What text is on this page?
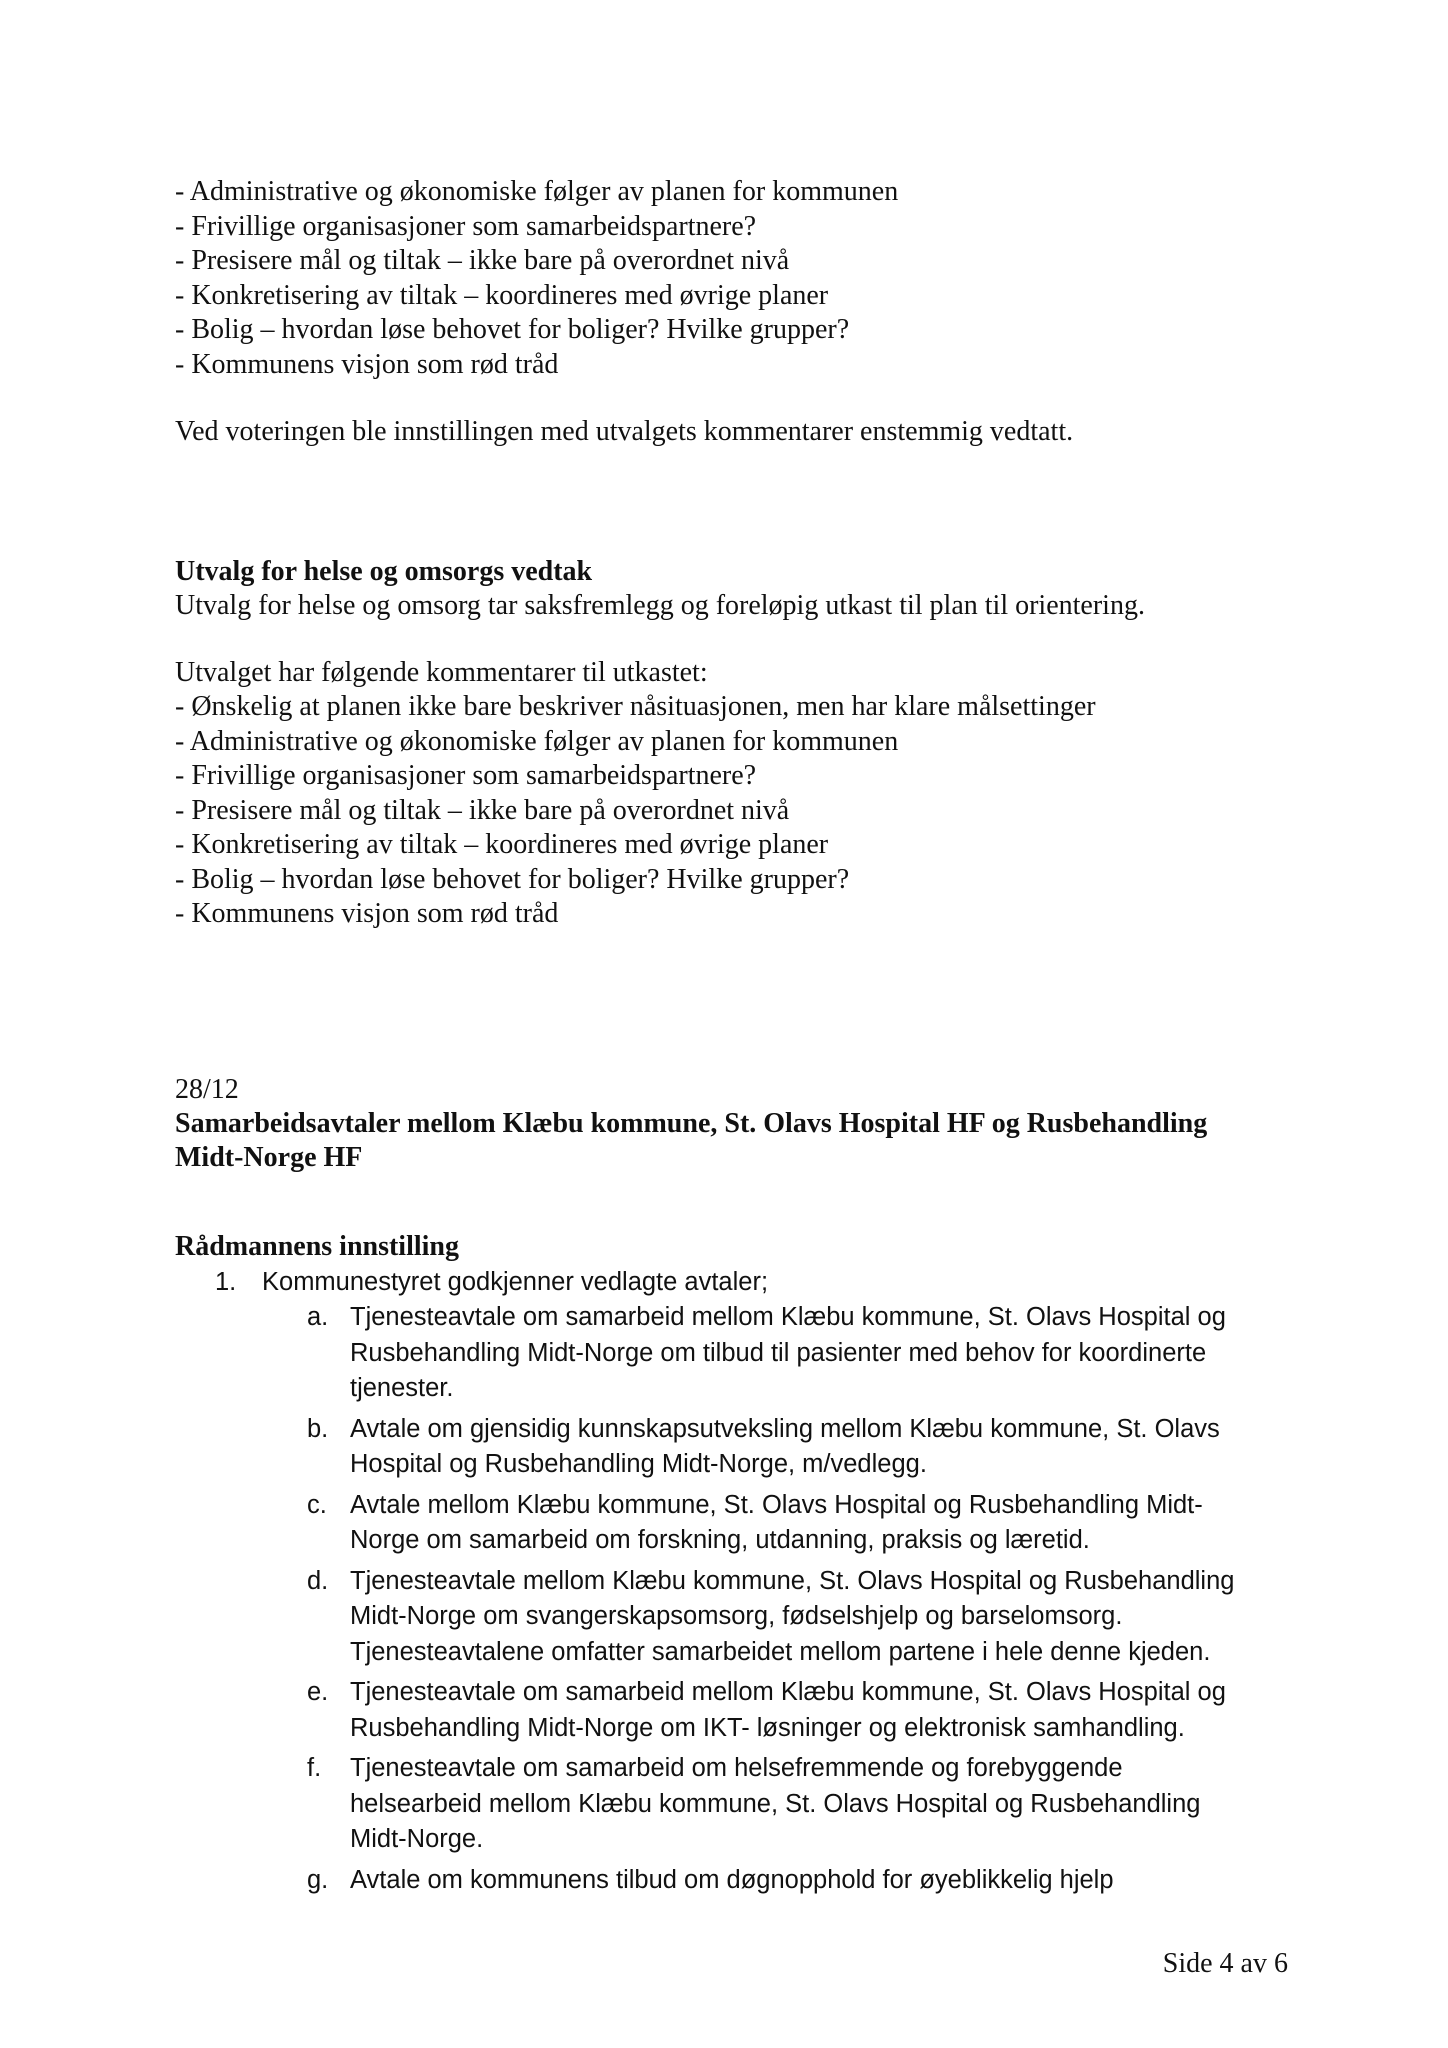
- Administrative og økonomiske følger av planen for kommunen
- Frivillige organisasjoner som samarbeidspartnere?
- Presisere mål og tiltak – ikke bare på overordnet nivå
- Konkretisering av tiltak – koordineres med øvrige planer
- Bolig – hvordan løse behovet for boliger? Hvilke grupper?
- Kommunens visjon som rød tråd
Ved voteringen ble innstillingen med utvalgets kommentarer enstemmig vedtatt.
Utvalg for helse og omsorgs vedtak
Utvalg for helse og omsorg tar saksfremlegg og foreløpig utkast til plan til orientering.
Utvalget har følgende kommentarer til utkastet:
- Ønskelig at planen ikke bare beskriver nåsituasjonen, men har klare målsettinger
- Administrative og økonomiske følger av planen for kommunen
- Frivillige organisasjoner som samarbeidspartnere?
- Presisere mål og tiltak – ikke bare på overordnet nivå
- Konkretisering av tiltak – koordineres med øvrige planer
- Bolig – hvordan løse behovet for boliger? Hvilke grupper?
- Kommunens visjon som rød tråd
28/12
Samarbeidsavtaler mellom Klæbu kommune, St. Olavs Hospital HF og Rusbehandling
Midt-Norge HF
Rådmannens innstilling
1. Kommunestyret godkjenner vedlagte avtaler;
a. Tjenesteavtale om samarbeid mellom Klæbu kommune, St. Olavs Hospital og
Rusbehandling Midt-Norge om tilbud til pasienter med behov for koordinerte
tjenester.
b. Avtale om gjensidig kunnskapsutveksling mellom Klæbu kommune, St. Olavs
Hospital og Rusbehandling Midt-Norge, m/vedlegg.
c. Avtale mellom Klæbu kommune, St. Olavs Hospital og Rusbehandling Midt-
Norge om samarbeid om forskning, utdanning, praksis og læretid.
d. Tjenesteavtale mellom Klæbu kommune, St. Olavs Hospital og Rusbehandling
Midt-Norge om svangerskapsomsorg, fødselshjelp og barselomsorg.
Tjenesteavtalene omfatter samarbeidet mellom partene i hele denne kjeden.
e. Tjenesteavtale om samarbeid mellom Klæbu kommune, St. Olavs Hospital og
Rusbehandling Midt-Norge om IKT- løsninger og elektronisk samhandling.
f. Tjenesteavtale om samarbeid om helsefremmende og forebyggende
helsearbeid mellom Klæbu kommune, St. Olavs Hospital og Rusbehandling
Midt-Norge.
g. Avtale om kommunens tilbud om døgnopphold for øyeblikkelig hjelp
Side 4 av 6
